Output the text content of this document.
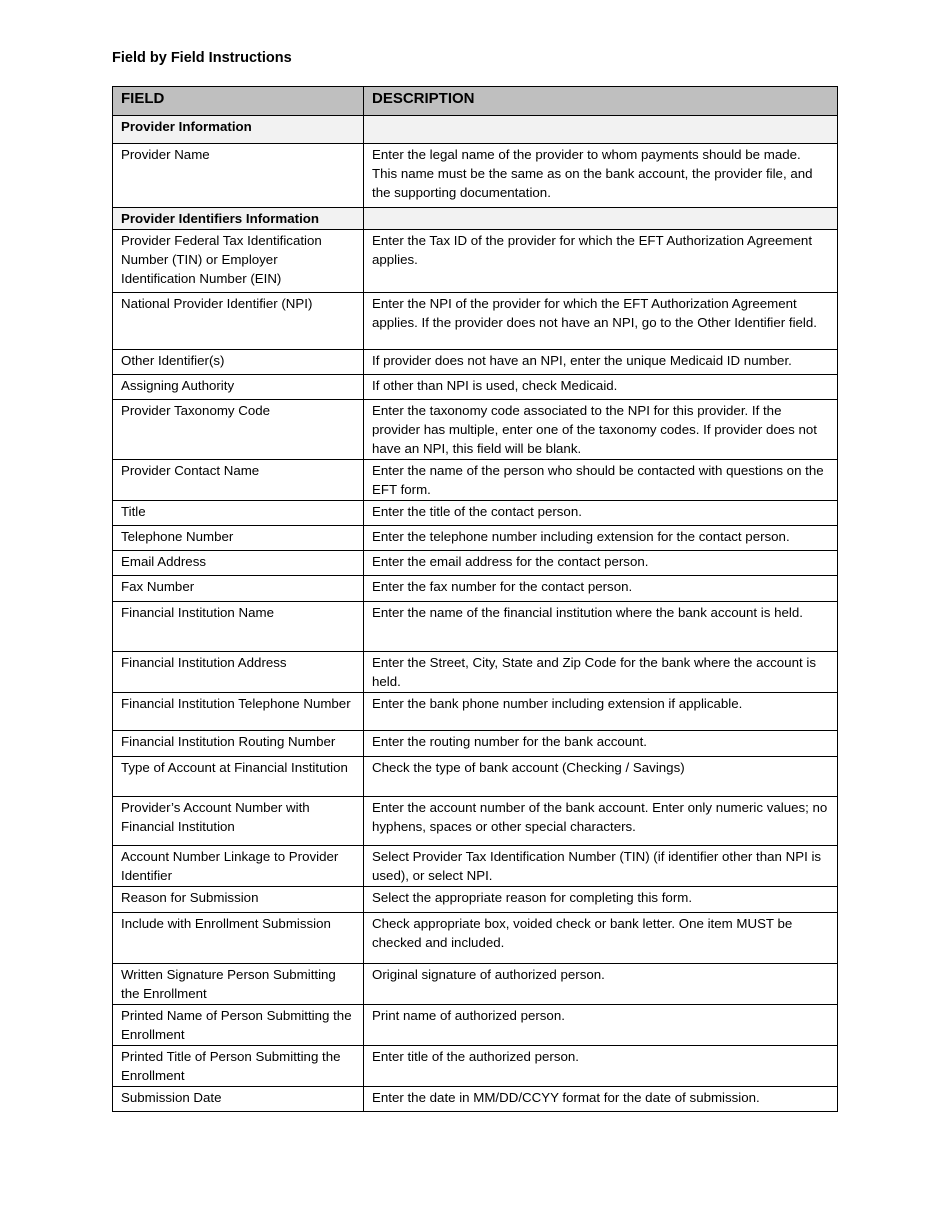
Field by Field Instructions
FIELD	DESCRIPTION
Provider Information	
Provider Name	Enter the legal name of the provider to whom payments should be made. This name must be the same as on the bank account, the provider file, and the supporting documentation.
Provider Identifiers Information	
Provider Federal Tax Identification Number (TIN) or Employer Identification Number (EIN)	Enter the Tax ID of the provider for which the EFT Authorization Agreement applies.
National Provider Identifier (NPI)	Enter the NPI of the provider for which the EFT Authorization Agreement applies. If the provider does not have an NPI, go to the Other Identifier field.
Other Identifier(s)	If provider does not have an NPI, enter the unique Medicaid ID number.
Assigning Authority	If other than NPI is used, check Medicaid.
Provider Taxonomy Code	Enter the taxonomy code associated to the NPI for this provider. If the provider has multiple, enter one of the taxonomy codes. If provider does not have an NPI, this field will be blank.
Provider Contact Name	Enter the name of the person who should be contacted with questions on the EFT form.
Title	Enter the title of the contact person.
Telephone Number	Enter the telephone number including extension for the contact person.
Email Address	Enter the email address for the contact person.
Fax Number	Enter the fax number for the contact person.
Financial Institution Name	Enter the name of the financial institution where the bank account is held.
Financial Institution Address	Enter the Street, City, State and Zip Code for the bank where the account is held.
Financial Institution Telephone Number	Enter the bank phone number including extension if applicable.
Financial Institution Routing Number	Enter the routing number for the bank account.
Type of Account at Financial Institution	Check the type of bank account (Checking / Savings)
Provider’s Account Number with Financial Institution	Enter the account number of the bank account. Enter only numeric values; no hyphens, spaces or other special characters.
Account Number Linkage to Provider Identifier	Select Provider Tax Identification Number (TIN) (if identifier other than NPI is used), or select NPI.
Reason for Submission	Select the appropriate reason for completing this form.
Include with Enrollment Submission	Check appropriate box, voided check or bank letter. One item MUST be checked and included.
Written Signature Person Submitting the Enrollment	Original signature of authorized person.
Printed Name of Person Submitting the Enrollment	Print name of authorized person.
Printed Title of Person Submitting the Enrollment	Enter title of the authorized person.
Submission Date	Enter the date in MM/DD/CCYY format for the date of submission.
